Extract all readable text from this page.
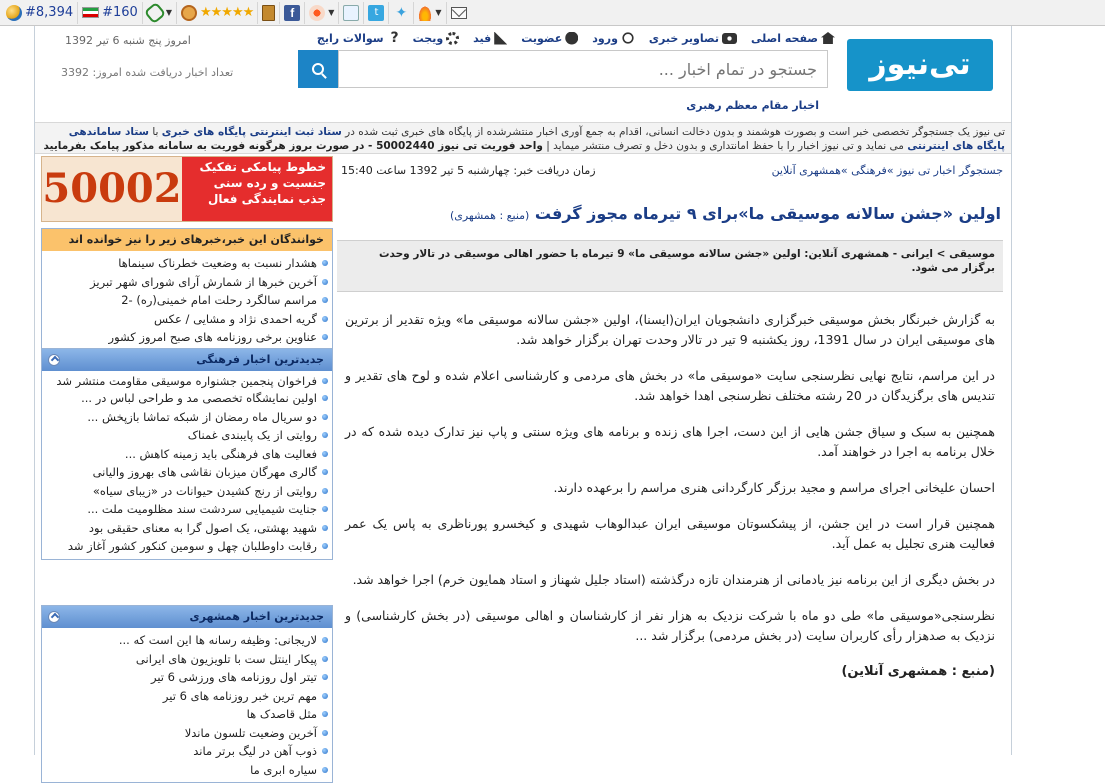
#8,394 #160	▼ ★★★★★	f	▼	t	✦	▼
تی‌نیوز
صفحه اصلی
تصاویر خبری
ورود
عضویت
فید
ویجت
?
سوالات رایج
جستجو در تمام اخبار ...
اخبار مقام معظم رهبری
امروز پنج شنبه 6 تیر 1392
تعداد اخبار دریافت شده امروز: 3392
تی نیوز یک جستجوگر تخصصی خبر است و بصورت هوشمند و بدون دخالت انسانی، اقدام به جمع آوری اخبار منتشرشده از پایگاه های خبری ثبت شده در ستاد ثبت اینترنتی پایگاه های خبری با ستاد ساماندهی پایگاه های اینترنتی می نماید و تی نیوز اخبار را با حفظ امانتداری و بدون دخل و تصرف منتشر میماید | واحد فوریت تی نیوز 50002440 - در صورت بروز هرگونه فوریت به سامانه مذکور پیامک بفرمایید
جستجوگر اخبار تی نیوز »فرهنگی »همشهری آنلاین
زمان دریافت خبر: چهارشنبه 5 تیر 1392 ساعت 15:40
اولین «جشن سالانه موسیقی ما»برای ۹ تیرماه مجوز گرفت (منبع : همشهری)
موسیقی > ایرانی - همشهری آنلاین: اولین «جشن سالانه موسیقی ما» 9 تیرماه با حضور اهالی موسیقی در تالار وحدت برگزار می شود.

به گزارش خبرنگار بخش موسیقی خبرگزاری دانشجویان ایران(ایسنا)، اولین «جشن سالانه موسیقی ما» ویژه تقدیر از برترین های موسیقی ایران در سال 1391، روز یکشنبه 9 تیر در تالار وحدت تهران برگزار خواهد شد.

در این مراسم، نتایج نهایی نظرسنجی سایت «موسیقی ما» در بخش های مردمی و کارشناسی اعلام شده و لوح های تقدیر و تندیس های برگزیدگان در 20 رشته مختلف نظرسنجی اهدا خواهد شد.

همچنین به سبک و سیاق جشن هایی از این دست، اجرا های زنده و برنامه های ویژه سنتی و پاپ نیز تدارک دیده شده که در خلال برنامه به اجرا در خواهند آمد.

احسان علیخانی اجرای مراسم و مجید برزگر کارگردانی هنری مراسم را برعهده دارند.

همچنین قرار است در این جشن، از پیشکسوتان موسیقی ایران عبدالوهاب شهیدی و کیخسرو پورناظری به پاس یک عمر فعالیت هنری تجلیل به عمل آید.

در بخش دیگری از این برنامه نیز یادمانی از هنرمندان تازه درگذشته (استاد جلیل شهناز و استاد همایون خرم) اجرا خواهد شد.

نظرسنجی«موسیقی ما» طی دو ماه با شرکت نزدیک به هزار نفر از کارشناسان و اهالی موسیقی (در بخش کارشناسی) و نزدیک به صدهزار رأی کاربران سایت (در بخش مردمی) برگزار شد ...

(منبع : همشهری آنلاین)
خطوط پیامکی تفکیک جنسیت و رده سنی جذب نمایندگی فعال
50002
خوانندگان این خبر،خبرهای زیر را نیز خوانده اند
هشدار نسبت به وضعیت خطرناک سینماها
آخرین خبرها از شمارش آرای شورای شهر تبریز
مراسم سالگرد رحلت امام خمینی(ره) -2
گریه احمدی نژاد و مشایی / عکس
عناوین برخی روزنامه های صبح امروز کشور
جدیدترین اخبار فرهنگی
فراخوان پنجمین جشنواره موسیقی مقاومت منتشر شد
اولین نمایشگاه تخصصی مد و طراحی لباس در ...
دو سریال ماه رمضان از شبکه تماشا بازپخش ...
روایتی از یک پایبندی غمناک
فعالیت های فرهنگی باید زمینه کاهش ...
گالری مهرگان میزبان نقاشی های بهروز والیانی
روایتی از رنج کشیدن حیوانات در «زیبای سیاه»
جنایت شیمیایی سردشت سند مظلومیت ملت ...
شهید بهشتی، یک اصول گرا به معنای حقیقی بود
رقابت داوطلبان چهل و سومین کنکور کشور آغاز شد
جدیدترین اخبار همشهری
لاریجانی: وظیفه رسانه ها این است که ...
پیکار اینتل ست با تلویزیون های ایرانی
تیتر اول روزنامه های ورزشی 6 تیر
مهم ترین خبر روزنامه های 6 تیر
مثل قاصدک ها
آخرین وضعیت تلسون ماندلا
ذوب آهن در لیگ برتر ماند
سیاره ابری ما
